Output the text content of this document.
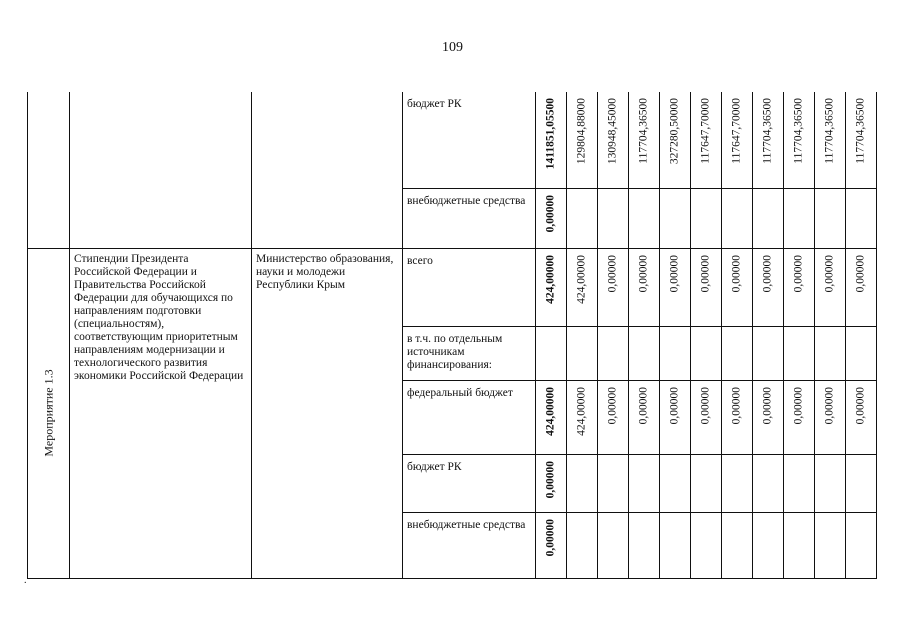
109
			бюджет РК	1411851,05500	129804,88000	130948,45000	117704,36500	327280,50000	117647,70000	117647,70000	117704,36500	117704,36500	117704,36500	117704,36500

			внебюджетные средства	0,00000										

Мероприятие 1.3	Стипендии Президента Российской Федерации и Правительства Российской Федерации для обучающихся по направлениям подготовки (специальностям), соответствующим приоритетным направлениям модернизации и технологического развития экономики Российской Федерации	Министерство образования, науки и молодежи Республики Крым	всего	424,00000	424,00000	0,00000	0,00000	0,00000	0,00000	0,00000	0,00000	0,00000	0,00000	0,00000

			в т.ч. по отдельным источникам финансирования:											
			федеральный бюджет	424,00000	424,00000	0,00000	0,00000	0,00000	0,00000	0,00000	0,00000	0,00000	0,00000	0,00000

			бюджет РК	0,00000										

			внебюджетные средства	0,00000										

.
